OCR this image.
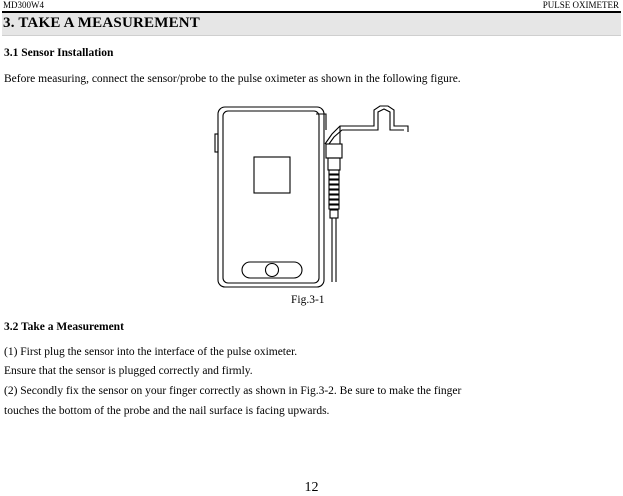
MD300W4	PULSE OXIMETER
3. TAKE A MEASUREMENT
3.1 Sensor Installation
Before measuring, connect the sensor/probe to the pulse oximeter as shown in the following figure.
Fig.3-1
3.2 Take a Measurement
(1) First plug the sensor into the interface of the pulse oximeter.
Ensure that the sensor is plugged correctly and firmly.
(2) Secondly fix the sensor on your finger correctly as shown in Fig.3-2. Be sure to make the finger
touches the bottom of the probe and the nail surface is facing upwards.
12
